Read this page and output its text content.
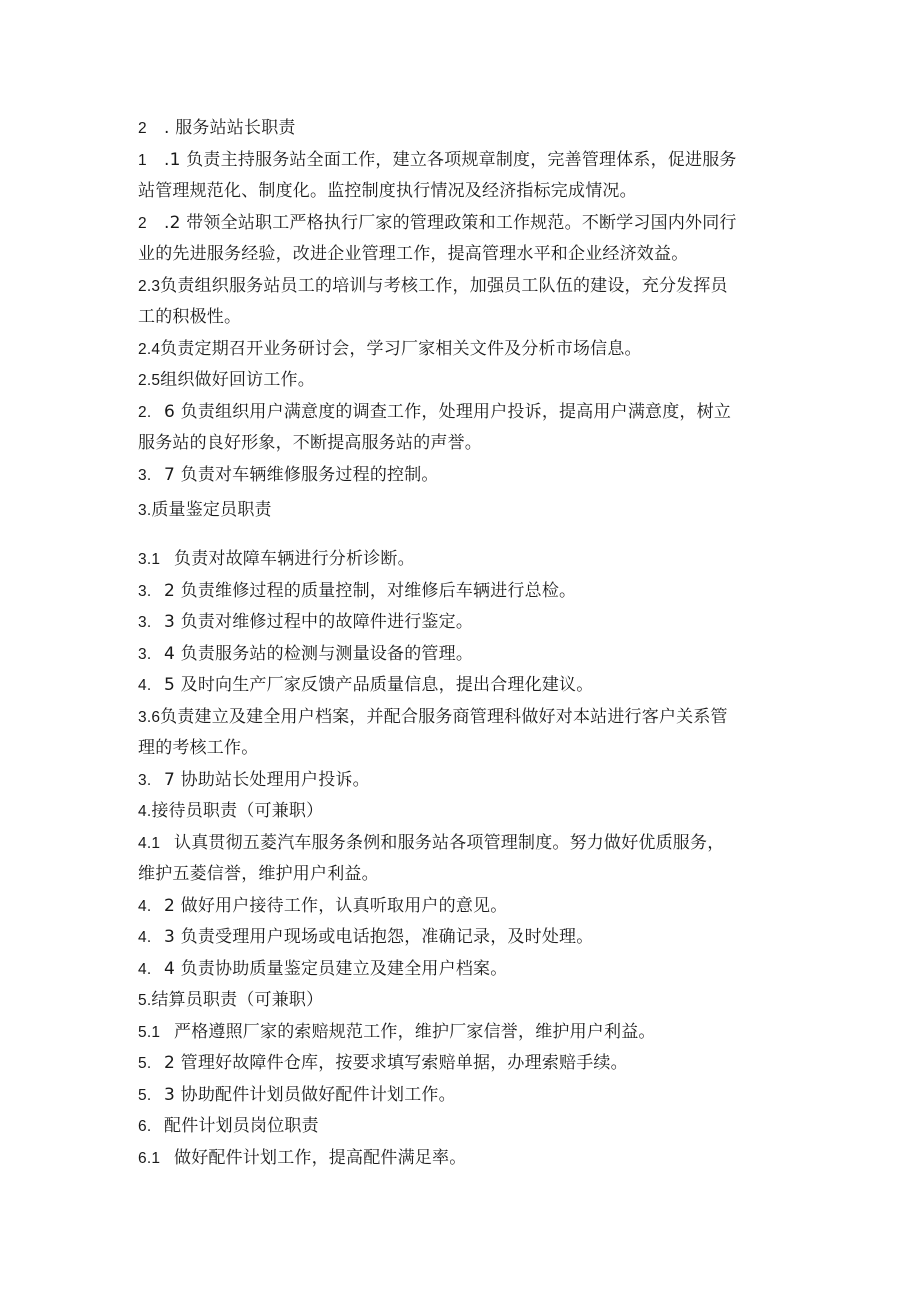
2 . 服务站站长职责
1 .1 负责主持服务站全面工作，建立各项规章制度，完善管理体系，促进服务
站管理规范化、制度化。监控制度执行情况及经济指标完成情况。
2 .2 带领全站职工严格执行厂家的管理政策和工作规范。不断学习国内外同行
业的先进服务经验，改进企业管理工作，提高管理水平和企业经济效益。
2.3负责组织服务站员工的培训与考核工作，加强员工队伍的建设，充分发挥员
工的积极性。
2.4负责定期召开业务研讨会，学习厂家相关文件及分析市场信息。
2.5组织做好回访工作。
2. 6 负责组织用户满意度的调查工作，处理用户投诉，提高用户满意度，树立
服务站的良好形象，不断提高服务站的声誉。
3. 7 负责对车辆维修服务过程的控制。
3.质量鉴定员职责
3.1 负责对故障车辆进行分析诊断。
3. 2 负责维修过程的质量控制，对维修后车辆进行总检。
3. 3 负责对维修过程中的故障件进行鉴定。
3. 4 负责服务站的检测与测量设备的管理。
4. 5 及时向生产厂家反馈产品质量信息，提出合理化建议。
3.6负责建立及建全用户档案，并配合服务商管理科做好对本站进行客户关系管
理的考核工作。
3. 7 协助站长处理用户投诉。
4.接待员职责（可兼职）
4.1 认真贯彻五菱汽车服务条例和服务站各项管理制度。努力做好优质服务，
维护五菱信誉，维护用户利益。
4. 2 做好用户接待工作，认真听取用户的意见。
4. 3 负责受理用户现场或电话抱怨，准确记录，及时处理。
4. 4 负责协助质量鉴定员建立及建全用户档案。
5.结算员职责（可兼职）
5.1 严格遵照厂家的索赔规范工作，维护厂家信誉，维护用户利益。
5. 2 管理好故障件仓库，按要求填写索赔单据，办理索赔手续。
5. 3 协助配件计划员做好配件计划工作。
6. 配件计划员岗位职责
6.1 做好配件计划工作，提高配件满足率。
